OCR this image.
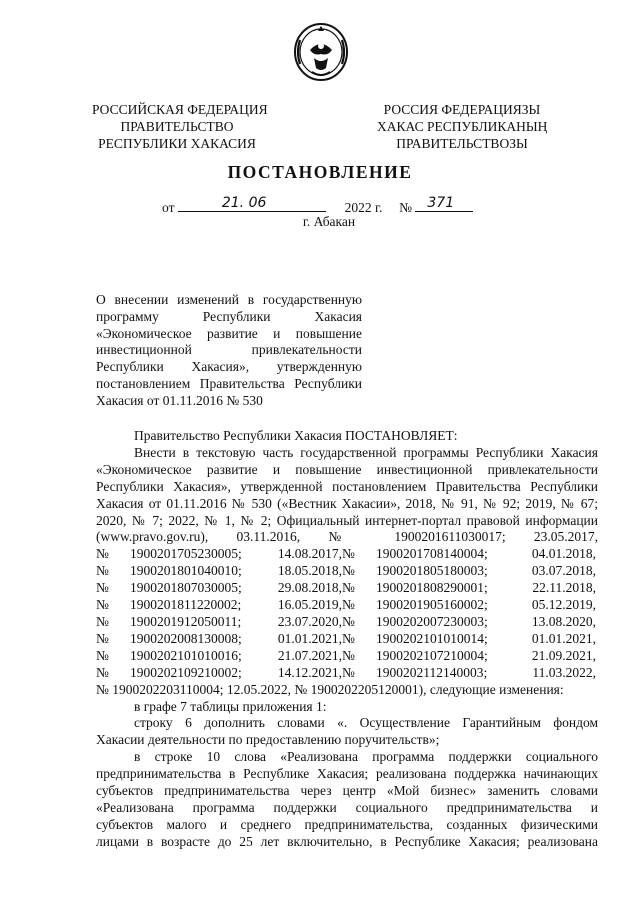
РОССИЙСКАЯ ФЕДЕРАЦИЯ
ПРАВИТЕЛЬСТВО
РЕСПУБЛИКИ ХАКАСИЯ
РОССИЯ ФЕДЕРАЦИЯЗЫ
ХАКАС РЕСПУБЛИКАНЫҢ
ПРАВИТЕЛЬСТВОЗЫ
ПОСТАНОВЛЕНИЕ
от	21. 06	2022 г. № 371
г. Абакан
О внесении изменений в государственную
программу Республики Хакасия
«Экономическое развитие и повышение
инвестиционной привлекательности
Республики Хакасия», утвержденную
постановлением Правительства Республики
Хакасия от 01.11.2016 № 530
Правительство Республики Хакасия ПОСТАНОВЛЯЕТ:
Внести в текстовую часть государственной программы Республики Хакасия
«Экономическое развитие и повышение инвестиционной привлекательности
Республики Хакасия», утвержденной постановлением Правительства Республики
Хакасия от 01.11.2016 № 530 («Вестник Хакасии», 2018, № 91, № 92; 2019, № 67;
2020, № 7; 2022, № 1, № 2; Официальный интернет-портал правовой информации
(www.pravo.gov.ru), 03.11.2016, № 1900201611030017; 23.05.2017,
№	1900201705230005;	14.08.2017, №	1900201708140004;	04.01.2018,
№	1900201801040010;	18.05.2018, №	1900201805180003;	03.07.2018,
№	1900201807030005;	29.08.2018, №	1900201808290001;	22.11.2018,
№	1900201811220002;	16.05.2019, №	1900201905160002;	05.12.2019,
№	1900201912050011;	23.07.2020, №	1900202007230003;	13.08.2020,
№	1900202008130008;	01.01.2021, №	1900202101010014;	01.01.2021,
№	1900202101010016;	21.07.2021, №	1900202107210004;	21.09.2021,
№	1900202109210002;	14.12.2021, №	1900202112140003;	11.03.2022,
№ 1900202203110004; 12.05.2022, № 1900202205120001), следующие изменения:
в графе 7 таблицы приложения 1:
строку 6 дополнить словами «. Осуществление Гарантийным фондом
Хакасии деятельности по предоставлению поручительств»;
в строке 10 слова «Реализована программа поддержки социального
предпринимательства в Республике Хакасия; реализована поддержка начинающих
субъектов предпринимательства через центр «Мой бизнес» заменить словами
«Реализована программа поддержки социального предпринимательства и
субъектов малого и среднего предпринимательства, созданных физическими
лицами в возрасте до 25 лет включительно, в Республике Хакасия; реализована
